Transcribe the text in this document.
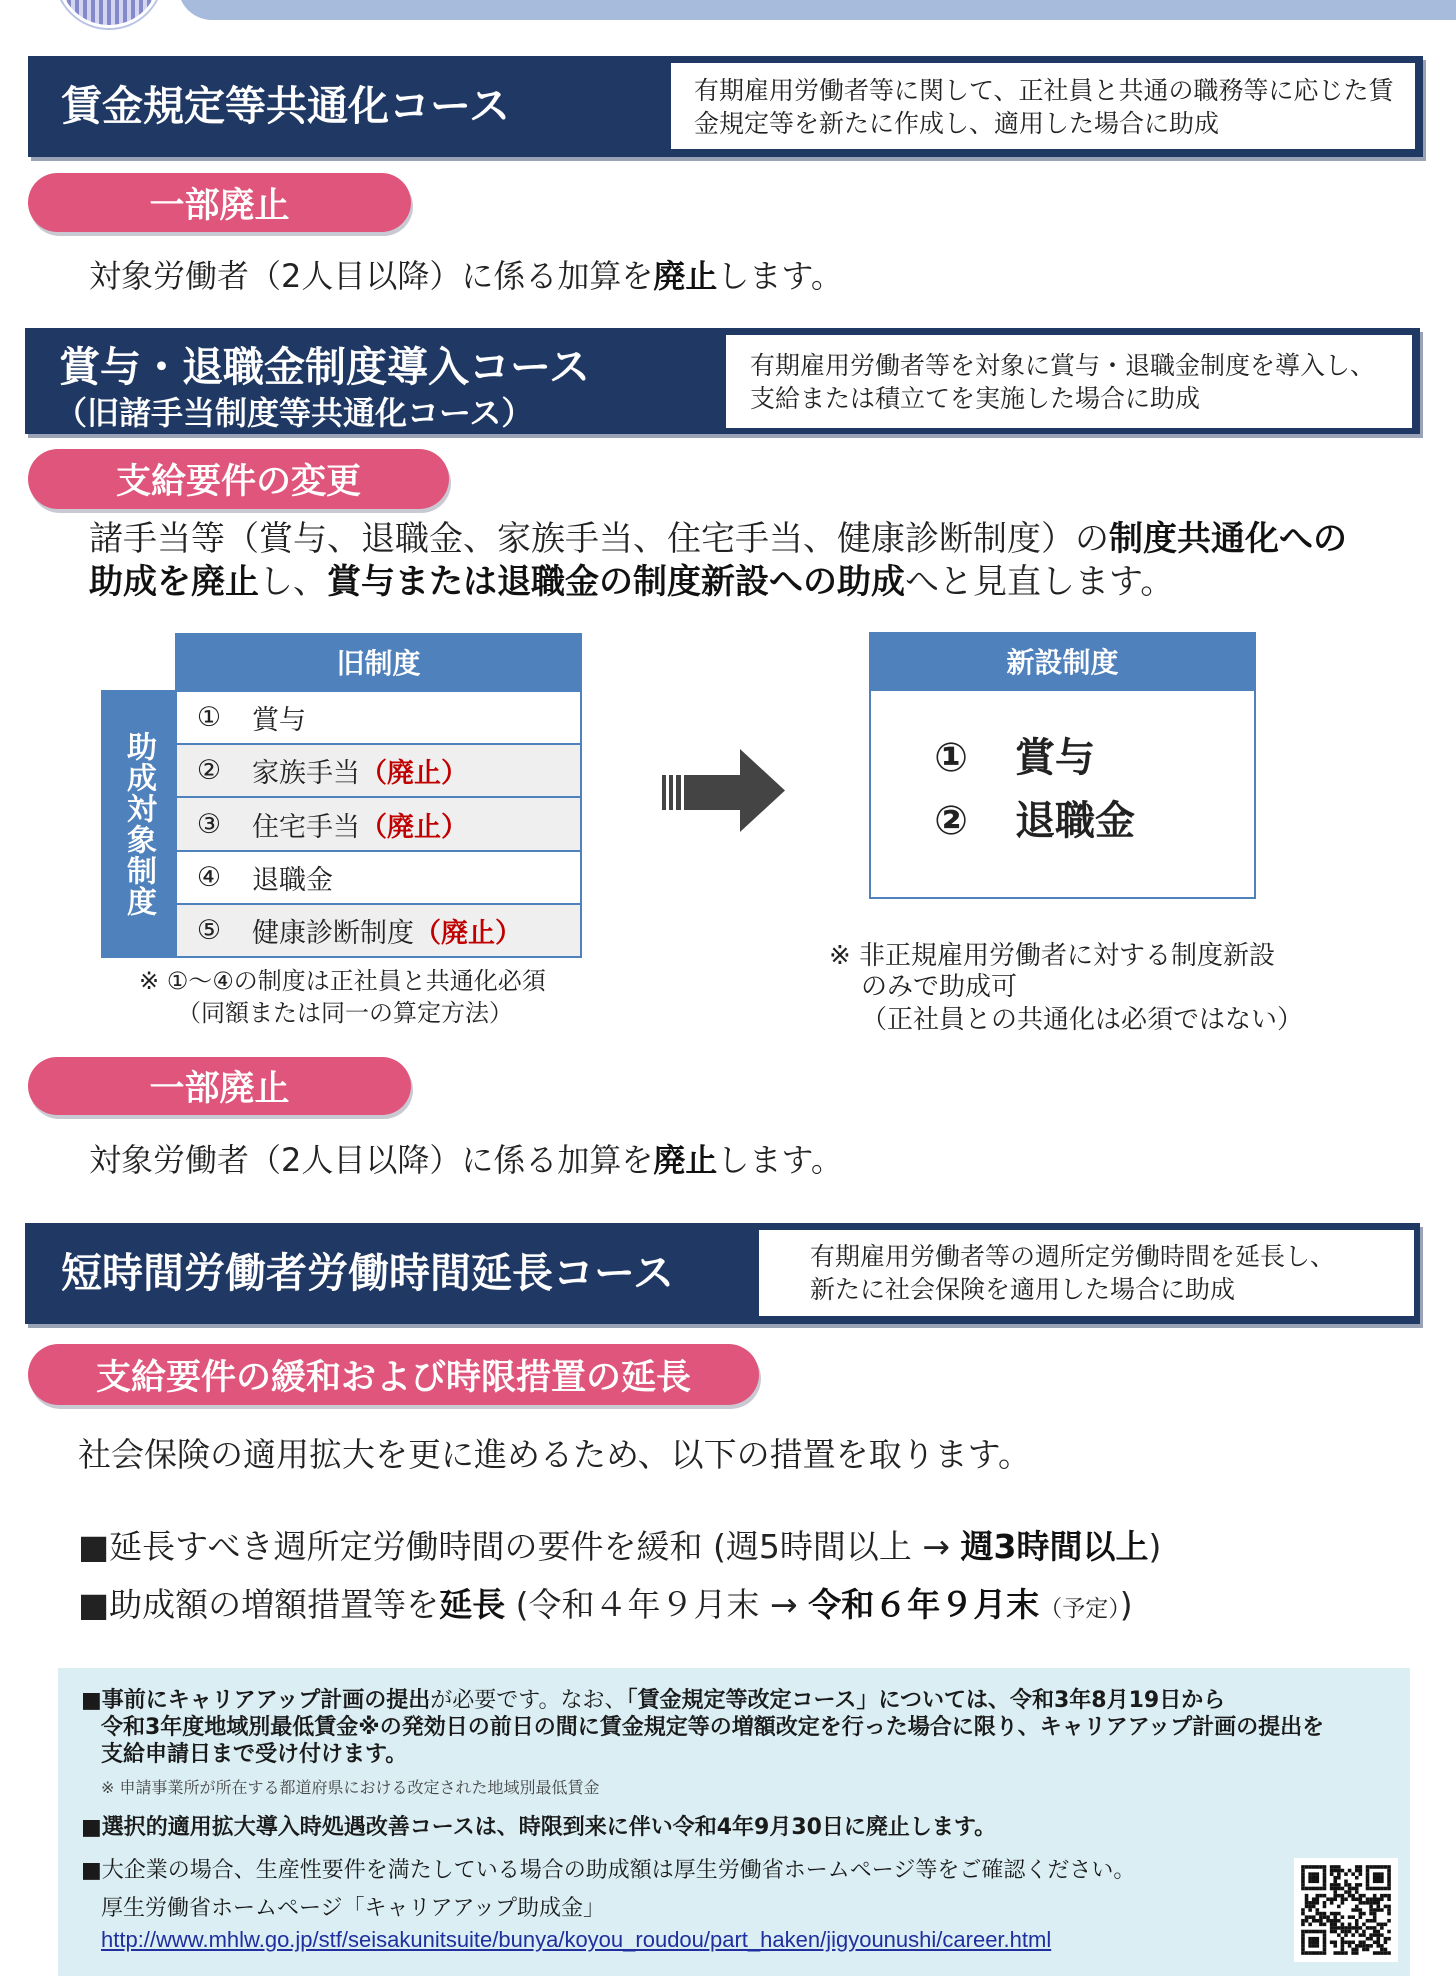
賃金規定等共通化コース	有期雇用労働者等に関して、正社員と共通の職務等に応じた賃
金規定等を新たに作成し、適用した場合に助成
一部廃止
対象労働者（2人目以降）に係る加算を廃止します。
賞与・退職金制度導入コース
（旧諸手当制度等共通化コース）
有期雇用労働者等を対象に賞与・退職金制度を導入し、
支給または積立てを実施した場合に助成
支給要件の変更
諸手当等（賞与、退職金、家族手当、住宅手当、健康診断制度）の制度共通化への
助成を廃止し、賞与または退職金の制度新設への助成へと見直します。
旧制度
助成対象制度
① 賞与
② 家族手当 （廃止）
③ 住宅手当 （廃止）
④ 退職金
⑤ 健康診断制度 （廃止）
※ ①〜④の制度は正社員と共通化必須
（同額または同一の算定方法）
新設制度
① 賞与
② 退職金
※ 非正規雇用労働者に対する制度新設
のみで助成可
（正社員との共通化は必須ではない）
一部廃止
対象労働者（2人目以降）に係る加算を廃止します。
短時間労働者労働時間延長コース	有期雇用労働者等の週所定労働時間を延長し、
新たに社会保険を適用した場合に助成
支給要件の緩和および時限措置の延長
社会保険の適用拡大を更に進めるため、以下の措置を取ります。
■延長すべき週所定労働時間の要件を緩和 (週5時間以上 → 週3時間以上)
■助成額の増額措置等を延長 (令和４年９月末 → 令和６年９月末（予定）)
■事前にキャリアアップ計画の提出が必要です。なお、「賃金規定等改定コース」については、令和3年8月19日から
令和3年度地域別最低賃金※の発効日の前日の間に賃金規定等の増額改定を行った場合に限り、キャリアアップ計画の提出を
支給申請日まで受け付けます。
※ 申請事業所が所在する都道府県における改定された地域別最低賃金
■選択的適用拡大導入時処遇改善コースは、時限到来に伴い令和4年9月30日に廃止します。
■大企業の場合、生産性要件を満たしている場合の助成額は厚生労働省ホームページ等をご確認ください。
厚生労働省ホームページ「キャリアアップ助成金」
http://www.mhlw.go.jp/stf/seisakunitsuite/bunya/koyou_roudou/part_haken/jigyounushi/career.html
